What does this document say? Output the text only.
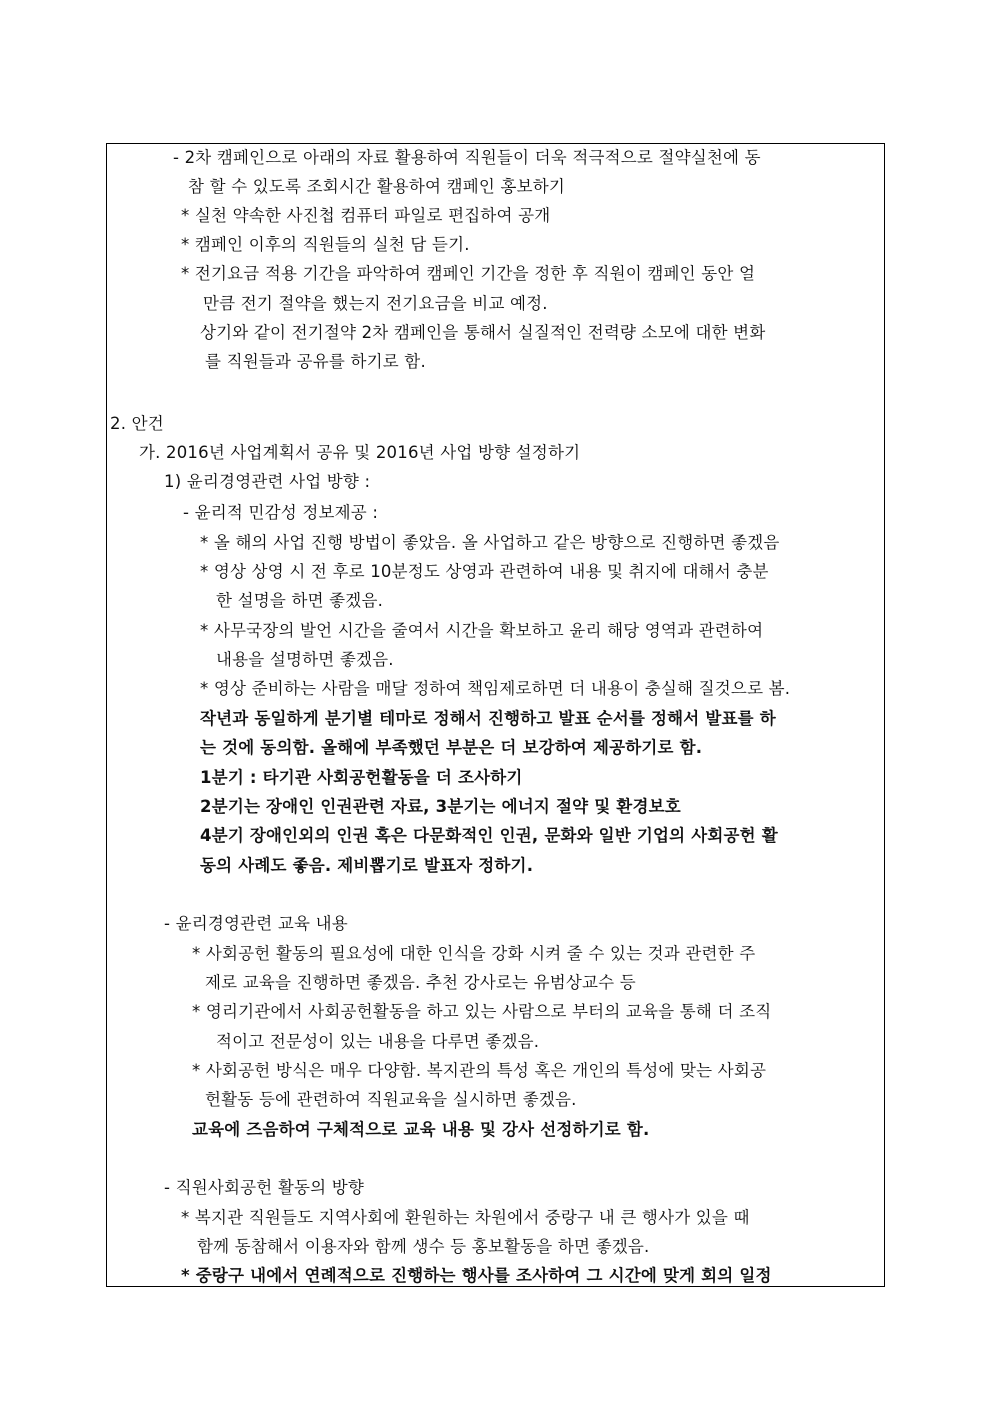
- 2차 캠페인으로 아래의 자료 활용하여 직원들이 더욱 적극적으로 절약실천에 동
참 할 수 있도록 조회시간 활용하여 캠페인 홍보하기
* 실천 약속한 사진첩 컴퓨터 파일로 편집하여 공개
* 캠페인 이후의 직원들의 실천 담 듣기.
* 전기요금 적용 기간을 파악하여 캠페인 기간을 정한 후 직원이 캠페인 동안 얼
만큼 전기 절약을 했는지 전기요금을 비교 예정.
상기와 같이 전기절약 2차 캠페인을 통해서 실질적인 전력량 소모에 대한 변화
를 직원들과 공유를 하기로 함.
2. 안건
가. 2016년 사업계획서 공유 및 2016년 사업 방향 설정하기
1) 윤리경영관련 사업 방향 :
- 윤리적 민감성 정보제공 :
* 올 해의 사업 진행 방법이 좋았음. 올 사업하고 같은 방향으로 진행하면 좋겠음
* 영상 상영 시 전 후로 10분정도 상영과 관련하여 내용 및 취지에 대해서 충분
한 설명을 하면 좋겠음.
* 사무국장의 발언 시간을 줄여서 시간을 확보하고 윤리 해당 영역과 관련하여
내용을 설명하면 좋겠음.
* 영상 준비하는 사람을 매달 정하여 책임제로하면 더 내용이 충실해 질것으로 봄.
작년과 동일하게 분기별 테마로 정해서 진행하고 발표 순서를 정해서 발표를 하
는 것에 동의함. 올해에 부족했던 부분은 더 보강하여 제공하기로 함.
1분기 : 타기관 사회공헌활동을 더 조사하기
2분기는 장애인 인권관련 자료, 3분기는 에너지 절약 및 환경보호
4분기 장애인외의 인권 혹은 다문화적인 인권, 문화와 일반 기업의 사회공헌 활
동의 사례도 좋음. 제비뽑기로 발표자 정하기.
- 윤리경영관련 교육 내용
* 사회공헌 활동의 필요성에 대한 인식을 강화 시켜 줄 수 있는 것과 관련한 주
제로 교육을 진행하면 좋겠음. 추천 강사로는 유범상교수 등
* 영리기관에서 사회공헌활동을 하고 있는 사람으로 부터의 교육을 통해 더 조직
적이고 전문성이 있는 내용을 다루면 좋겠음.
* 사회공헌 방식은 매우 다양함. 복지관의 특성 혹은 개인의 특성에 맞는 사회공
헌활동 등에 관련하여 직원교육을 실시하면 좋겠음.
교육에 즈음하여 구체적으로 교육 내용 및 강사 선정하기로 함.
- 직원사회공헌 활동의 방향
* 복지관 직원들도 지역사회에 환원하는 차원에서 중랑구 내 큰 행사가 있을 때
함께 동참해서 이용자와 함께 생수 등 홍보활동을 하면 좋겠음.
* 중랑구 내에서 연례적으로 진행하는 행사를 조사하여 그 시간에 맞게 회의 일정
